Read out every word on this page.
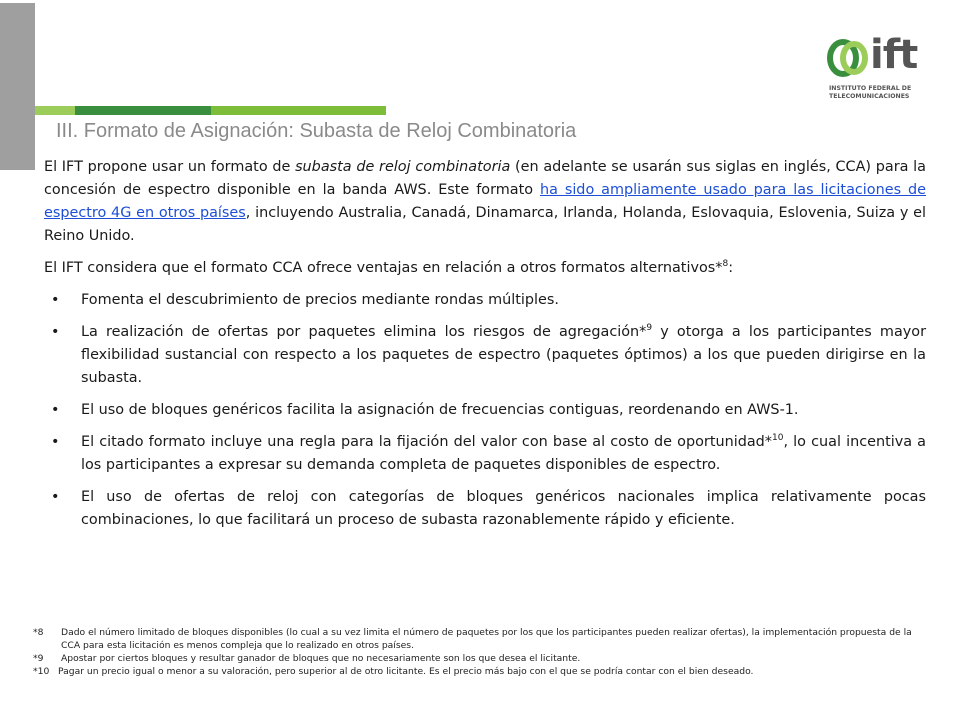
ift
INSTITUTO FEDERAL DE
TELECOMUNICACIONES
III. Formato de Asignación: Subasta de Reloj Combinatoria

El IFT propone usar un formato de subasta de reloj combinatoria (en adelante se usarán sus siglas en inglés, CCA) para la concesión de espectro disponible en la banda AWS. Este formato ha sido ampliamente usado para las licitaciones de espectro 4G en otros países, incluyendo Australia, Canadá, Dinamarca, Irlanda, Holanda, Eslovaquia, Eslovenia, Suiza y el Reino Unido.

El IFT considera que el formato CCA ofrece ventajas en relación a otros formatos alternativos*$^8$:

• Fomenta el descubrimiento de precios mediante rondas múltiples.
• La realización de ofertas por paquetes elimina los riesgos de agregación*$^9$ y otorga a los participantes mayor flexibilidad sustancial con respecto a los paquetes de espectro (paquetes óptimos) a los que pueden dirigirse en la subasta.
• El uso de bloques genéricos facilita la asignación de frecuencias contiguas, reordenando en AWS-1.
• El citado formato incluye una regla para la fijación del valor con base al costo de oportunidad*$^{10}$, lo cual incentiva a los participantes a expresar su demanda completa de paquetes disponibles de espectro.
• El uso de ofertas de reloj con categorías de bloques genéricos nacionales implica relativamente pocas combinaciones, lo que facilitará un proceso de subasta razonablemente rápido y eficiente.
*8 Dado el número limitado de bloques disponibles (lo cual a su vez limita el número de paquetes por los que los participantes pueden realizar ofertas), la implementación propuesta de la CCA para esta licitación es menos compleja que lo realizado en otros países.
*9 Apostar por ciertos bloques y resultar ganador de bloques que no necesariamente son los que desea el licitante.
*10 Pagar un precio igual o menor a su valoración, pero superior al de otro licitante. Es el precio más bajo con el que se podría contar con el bien deseado.
